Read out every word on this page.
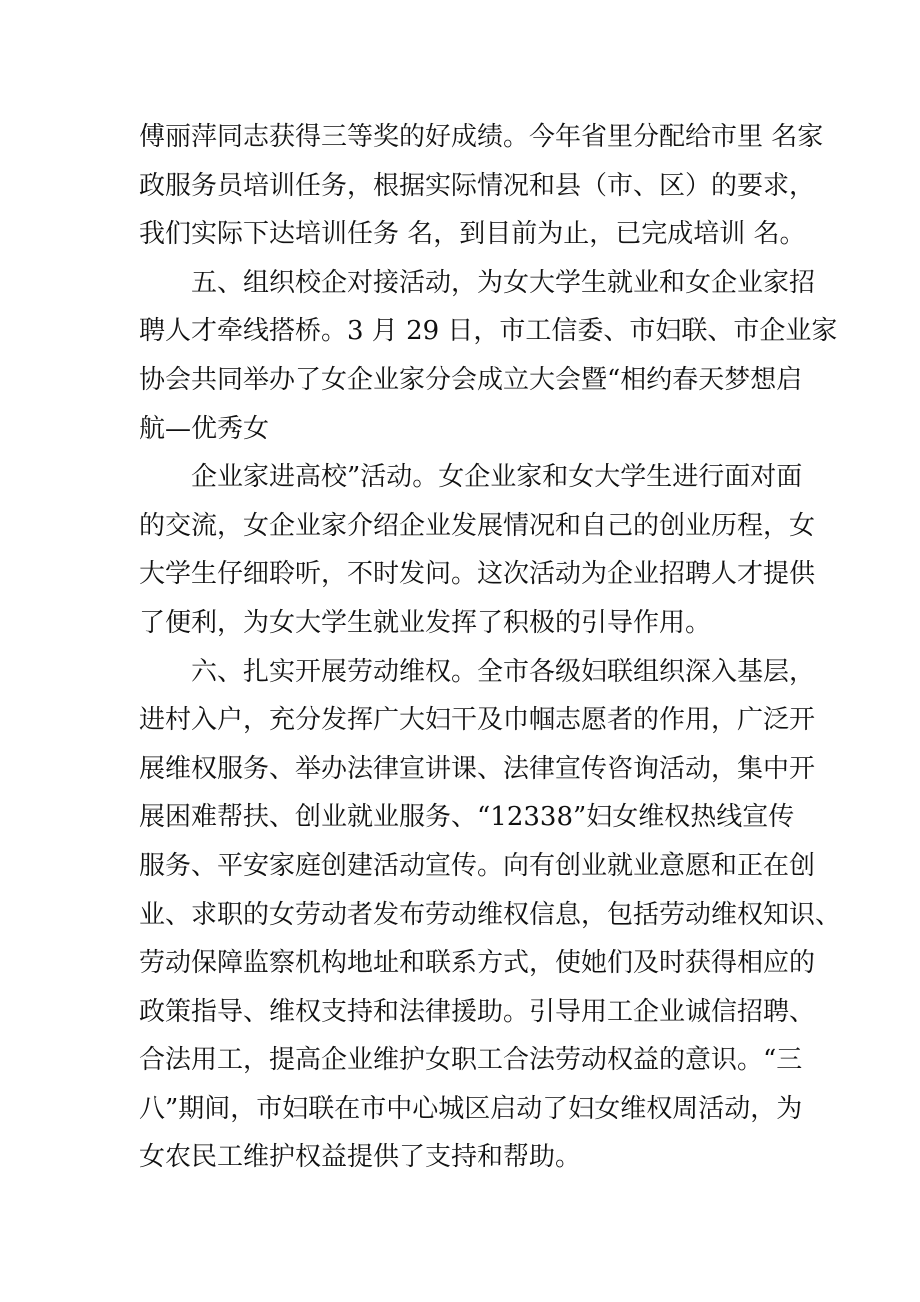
傅丽萍同志获得三等奖的好成绩。今年省里分配给市里 名家
政服务员培训任务，根据实际情况和县（市、区）的要求，
我们实际下达培训任务 名，到目前为止，已完成培训 名。
五、组织校企对接活动，为女大学生就业和女企业家招
聘人才牵线搭桥。3 月 29 日，市工信委、市妇联、市企业家
协会共同举办了女企业家分会成立大会暨“相约春天梦想启
航—优秀女
企业家进高校”活动。女企业家和女大学生进行面对面
的交流，女企业家介绍企业发展情况和自己的创业历程，女
大学生仔细聆听，不时发问。这次活动为企业招聘人才提供
了便利，为女大学生就业发挥了积极的引导作用。
六、扎实开展劳动维权。全市各级妇联组织深入基层，
进村入户，充分发挥广大妇干及巾帼志愿者的作用，广泛开
展维权服务、举办法律宣讲课、法律宣传咨询活动，集中开
展困难帮扶、创业就业服务、“12338”妇女维权热线宣传
服务、平安家庭创建活动宣传。向有创业就业意愿和正在创
业、求职的女劳动者发布劳动维权信息，包括劳动维权知识、
劳动保障监察机构地址和联系方式，使她们及时获得相应的
政策指导、维权支持和法律援助。引导用工企业诚信招聘、
合法用工，提高企业维护女职工合法劳动权益的意识。“三
八”期间，市妇联在市中心城区启动了妇女维权周活动，为
女农民工维护权益提供了支持和帮助。
